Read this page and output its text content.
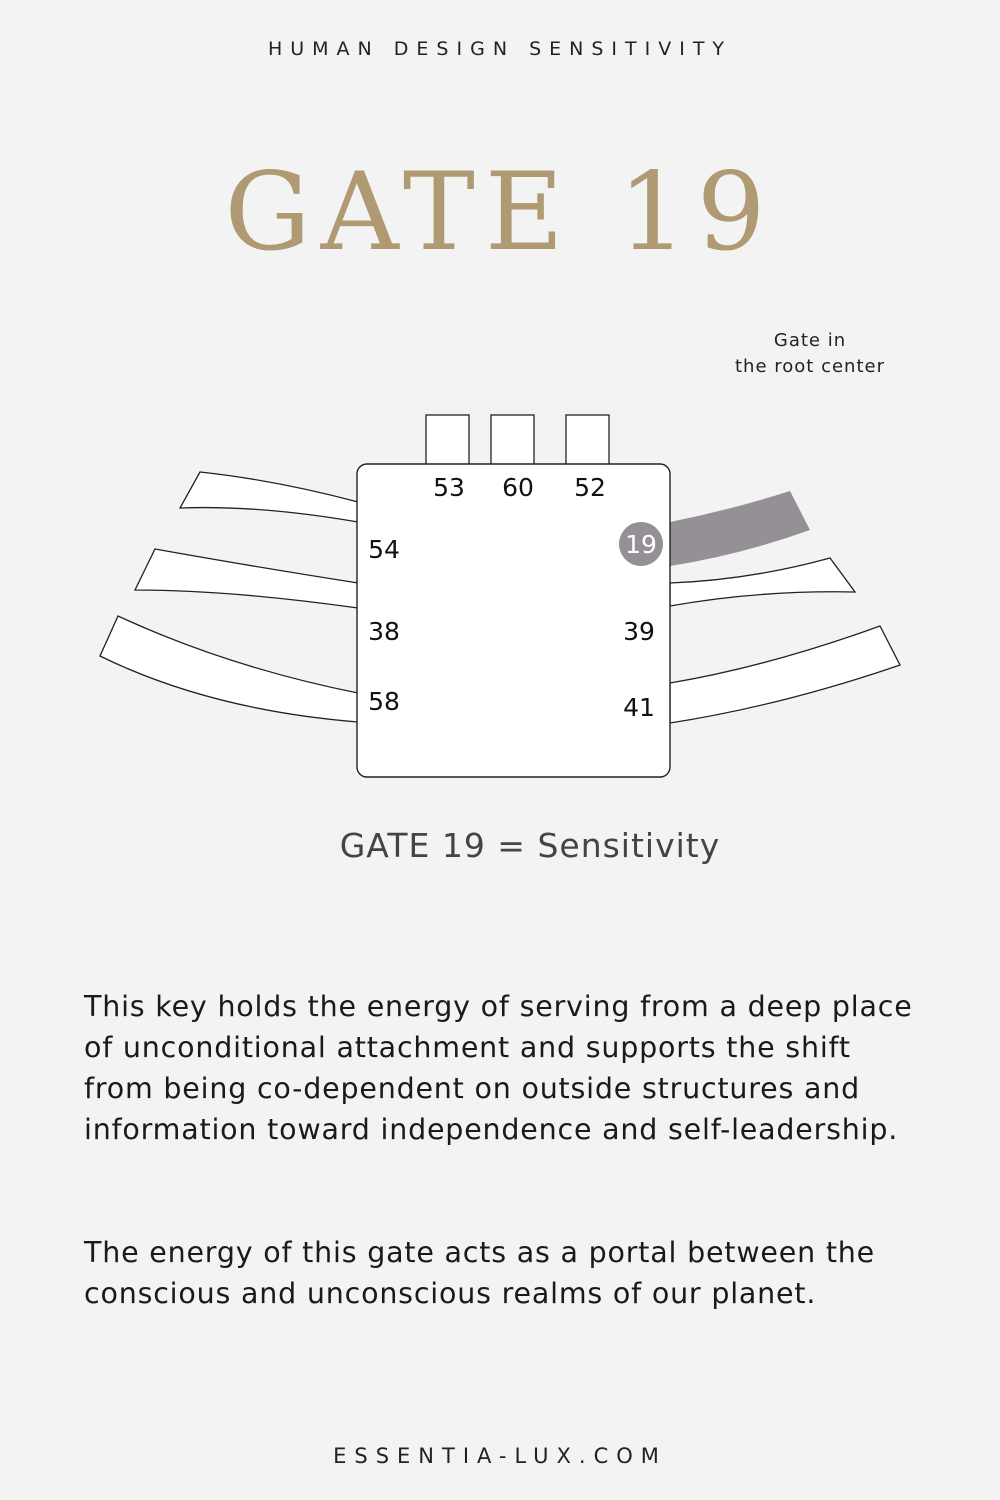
HUMAN DESIGN SENSITIVITY
GATE 19
Gate in
the root center
53 60 52
54
38
58
19
39
41
GATE 19 = Sensitivity

This key holds the energy of serving from a deep place of unconditional attachment and supports the shift from being co-dependent on outside structures and information toward independence and self-leadership.

The energy of this gate acts as a portal between the conscious and unconscious realms of our planet.

ESSENTIA-LUX.COM
